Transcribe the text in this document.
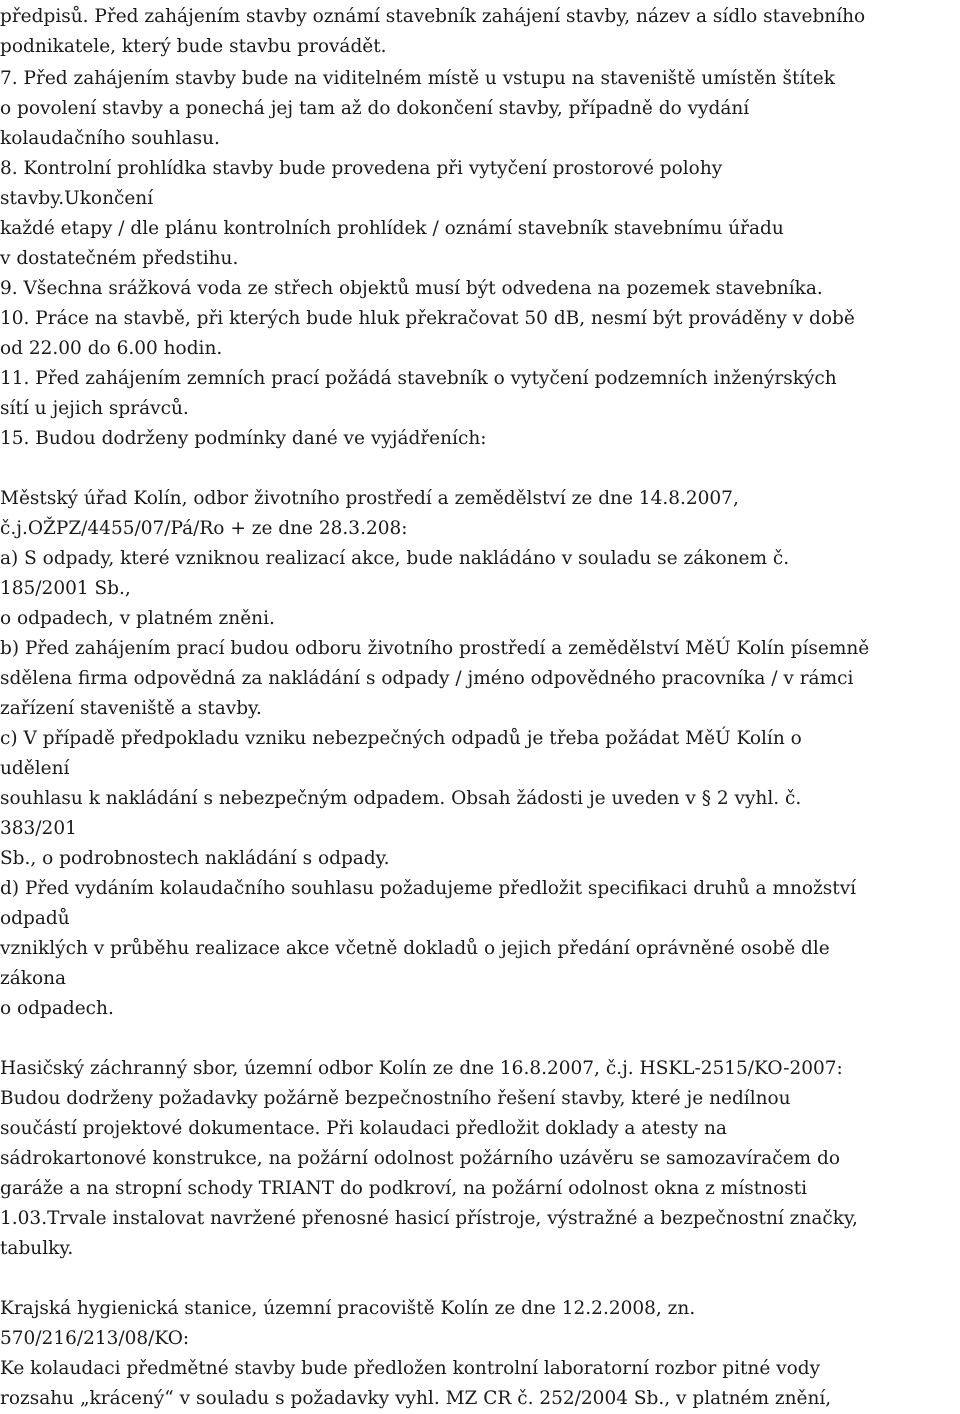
předpisů. Před zahájením stavby oznámí stavebník zahájení stavby, název a sídlo stavebního
podnikatele, který bude stavbu provádět.
7. Před zahájením stavby bude na viditelném místě u vstupu na staveniště umístěn štítek
o povolení stavby a ponechá jej tam až do dokončení stavby, případně do vydání
kolaudačního souhlasu.
8. Kontrolní prohlídka stavby bude provedena při vytyčení prostorové polohy
stavby.Ukončení
každé etapy / dle plánu kontrolních prohlídek / oznámí stavebník stavebnímu úřadu
v dostatečném předstihu.
9. Všechna srážková voda ze střech objektů musí být odvedena na pozemek stavebníka.
10. Práce na stavbě, při kterých bude hluk překračovat 50 dB, nesmí být prováděny v době
od 22.00 do 6.00 hodin.
11. Před zahájením zemních prací požádá stavebník o vytyčení podzemních inženýrských
sítí u jejich správců.
15. Budou dodrženy podmínky dané ve vyjádřeních:
Městský úřad Kolín, odbor životního prostředí a zemědělství ze dne 14.8.2007,
č.j.OŽPZ/4455/07/Pá/Ro + ze dne 28.3.208:
a) S odpady, které vzniknou realizací akce, bude nakládáno v souladu se zákonem č.
185/2001 Sb.,
o odpadech, v platném zněni.
b) Před zahájením prací budou odboru životního prostředí a zemědělství MěÚ Kolín písemně
sdělena firma odpovědná za nakládání s odpady / jméno odpovědného pracovníka / v rámci
zařízení staveniště a stavby.
c) V případě předpokladu vzniku nebezpečných odpadů je třeba požádat MěÚ Kolín o
udělení
souhlasu k nakládání s nebezpečným odpadem. Obsah žádosti je uveden v § 2 vyhl. č.
383/201
Sb., o podrobnostech nakládání s odpady.
d) Před vydáním kolaudačního souhlasu požadujeme předložit specifikaci druhů a množství
odpadů
vzniklých v průběhu realizace akce včetně dokladů o jejich předání oprávněné osobě dle
zákona
o odpadech.
Hasičský záchranný sbor, územní odbor Kolín ze dne 16.8.2007, č.j. HSKL-2515/KO-2007:
Budou dodrženy požadavky požárně bezpečnostního řešení stavby, které je nedílnou
součástí projektové dokumentace. Při kolaudaci předložit doklady a atesty na
sádrokartonové konstrukce, na požární odolnost požárního uzávěru se samozavíračem do
garáže a na stropní schody TRIANT do podkroví, na požární odolnost okna z místnosti
1.03.Trvale instalovat navržené přenosné hasicí přístroje, výstražné a bezpečnostní značky,
tabulky.
Krajská hygienická stanice, územní pracoviště Kolín ze dne 12.2.2008, zn.
570/216/213/08/KO:
Ke kolaudaci předmětné stavby bude předložen kontrolní laboratorní rozbor pitné vody
rozsahu „krácený“ v souladu s požadavky vyhl. MZ CR č. 252/2004 Sb., v platném znění,
